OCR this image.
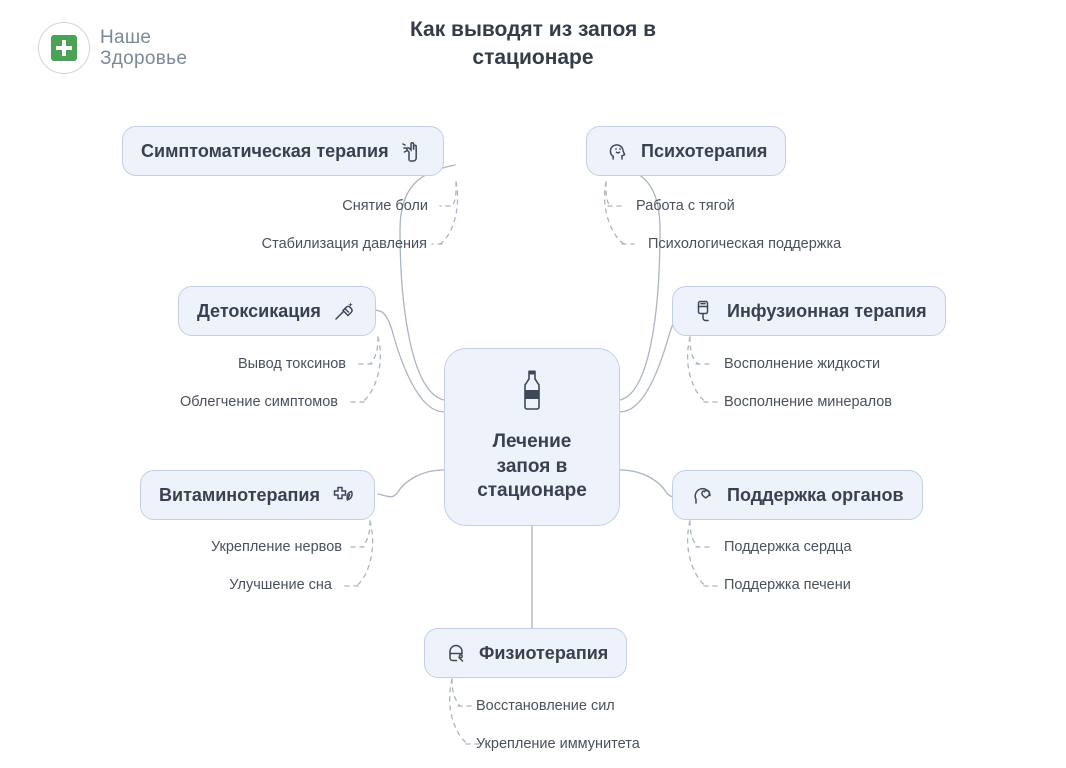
Наше
Здоровье
Как выводят из запоя в
стационаре
Лечение
запоя в
стационаре
Симптоматическая терапия
Снятие боли
Стабилизация давления
Психотерапия
Работа с тягой
Психологическая поддержка
Детоксикация
Вывод токсинов
Облегчение симптомов
Инфузионная терапия
Восполнение жидкости
Восполнение минералов
Витаминотерапия
Укрепление нервов
Улучшение сна
Поддержка органов
Поддержка сердца
Поддержка печени
Физиотерапия
Восстановление сил
Укрепление иммунитета
